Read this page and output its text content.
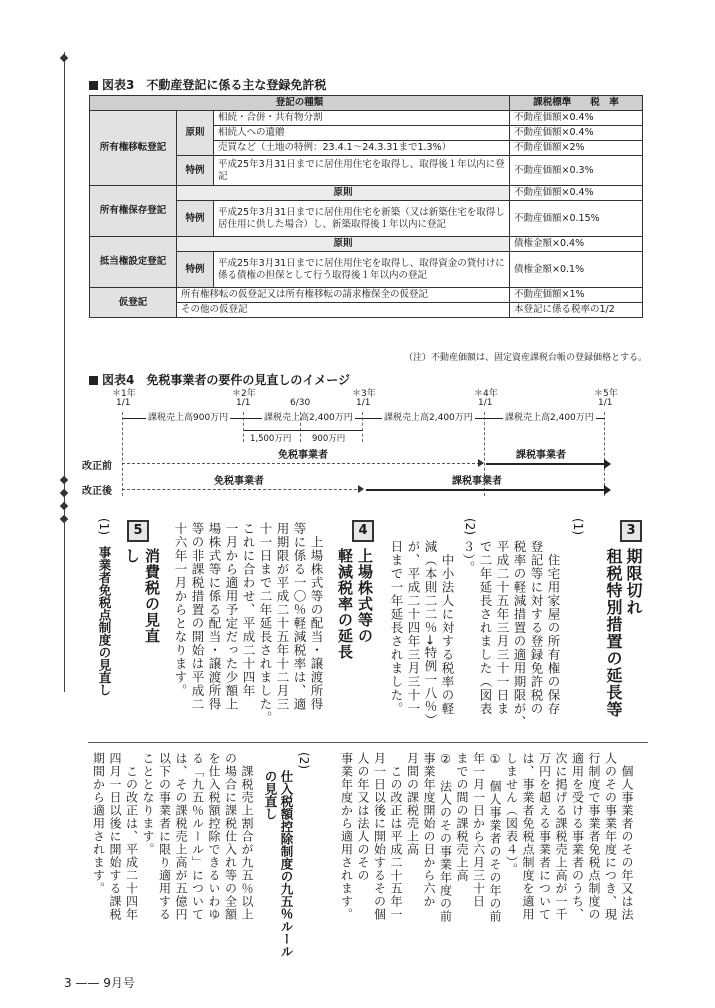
図表3　不動産登記に係る主な登録免許税
登記の種類			課税標準　　税　率
所有権移転登記	原則	相続・合併・共有物分割	不動産価額×0.4%
		相続人への遺贈	不動産価額×0.4%
		売買など（土地の特例：23.4.1～24.3.31まで1.3%）	不動産価額×2%
	特例	平成25年3月31日までに居住用住宅を取得し、取得後１年以内に登記	不動産価額×0.3%
所有権保存登記	原則		不動産価額×0.4%
	特例	平成25年3月31日までに居住用住宅を新築（又は新築住宅を取得し居住用に供した場合）し、新築取得後１年以内に登記	不動産価額×0.15%
抵当権設定登記	原則		債権金額×0.4%
	特例	平成25年3月31日までに居住用住宅を取得し、取得資金の貸付けに係る債権の担保として行う取得後１年以内の登記	債権金額×0.1%
仮登記	所有権移転の仮登記又は所有権移転の請求権保全の仮登記		不動産価額×1%
	その他の仮登記		本登記に係る税率の1/2
（注）不動産価額は、固定資産課税台帳の登録価格とする。
図表4　免税事業者の要件の見直しのイメージ
＊1年
1/1
＊2年
1/1	6/30
＊3年
1/1
＊4年
1/1
＊5年
1/1
課税売上高900万円	課税売上高2,400万円	課税売上高2,400万円	課税売上高2,400万円
1,500万円 900万円
改正前
免税事業者	課税事業者
改正後
免税事業者	課税事業者
3
期限切れ
租税特別措置の延長等
(1)
　住宅用家屋の所有権の保存
登記等に対する登録免許税の
税率の軽減措置の適用期限が、
平成二十五年三月三十一日ま
で二年延長されました（図表
３）。
(2)
　中小法人に対する税率の軽
減（本則二二％→特例一八％）
が、平成二十四年三月三十一
日まで一年延長されました。
4
上場株式等の
軽減税率の延長
　上場株式等の配当・譲渡所得
等に係る一〇％軽減税率は、適
用期限が平成二十五年十二月三
十一日まで二年延長されました。
これに合わせ、平成二十四年
一月から適用予定だった少額上
場株式等に係る配当・譲渡所得
等の非課税措置の開始は平成二
十六年一月からとなります。
5
消費税の見直し
(1)
事業者免税点制度の見直し
　個人事業者のその年又は法
人のその事業年度につき、現
行制度で事業者免税点制度の
適用を受ける事業者のうち、
次に掲げる課税売上高が一千
万円を超える事業者について
は、事業者免税点制度を適用
しません（図表４）。
①　個人事業者のその年の前
年一月一日から六月三十日
までの間の課税売上高
②　法人のその事業年度の前
事業年度開始の日から六か
月間の課税売上高
　この改正は平成二十五年一
月一日以後に開始するその個
人の年又は法人のその
事業年度から適用されます。
(2)
仕入税額控除制度の九五％ルールの見直し
　課税売上割合が九五％以上
の場合に課税仕入れ等の全額
を仕入税額控除できるいわゆ
る「九五％ルール」について
は、その課税売上高が五億円
以下の事業者に限り適用する
こととなります。
　この改正は、平成二十四年
四月一日以後に開始する課税
期間から適用されます。
3 —— 9月号
